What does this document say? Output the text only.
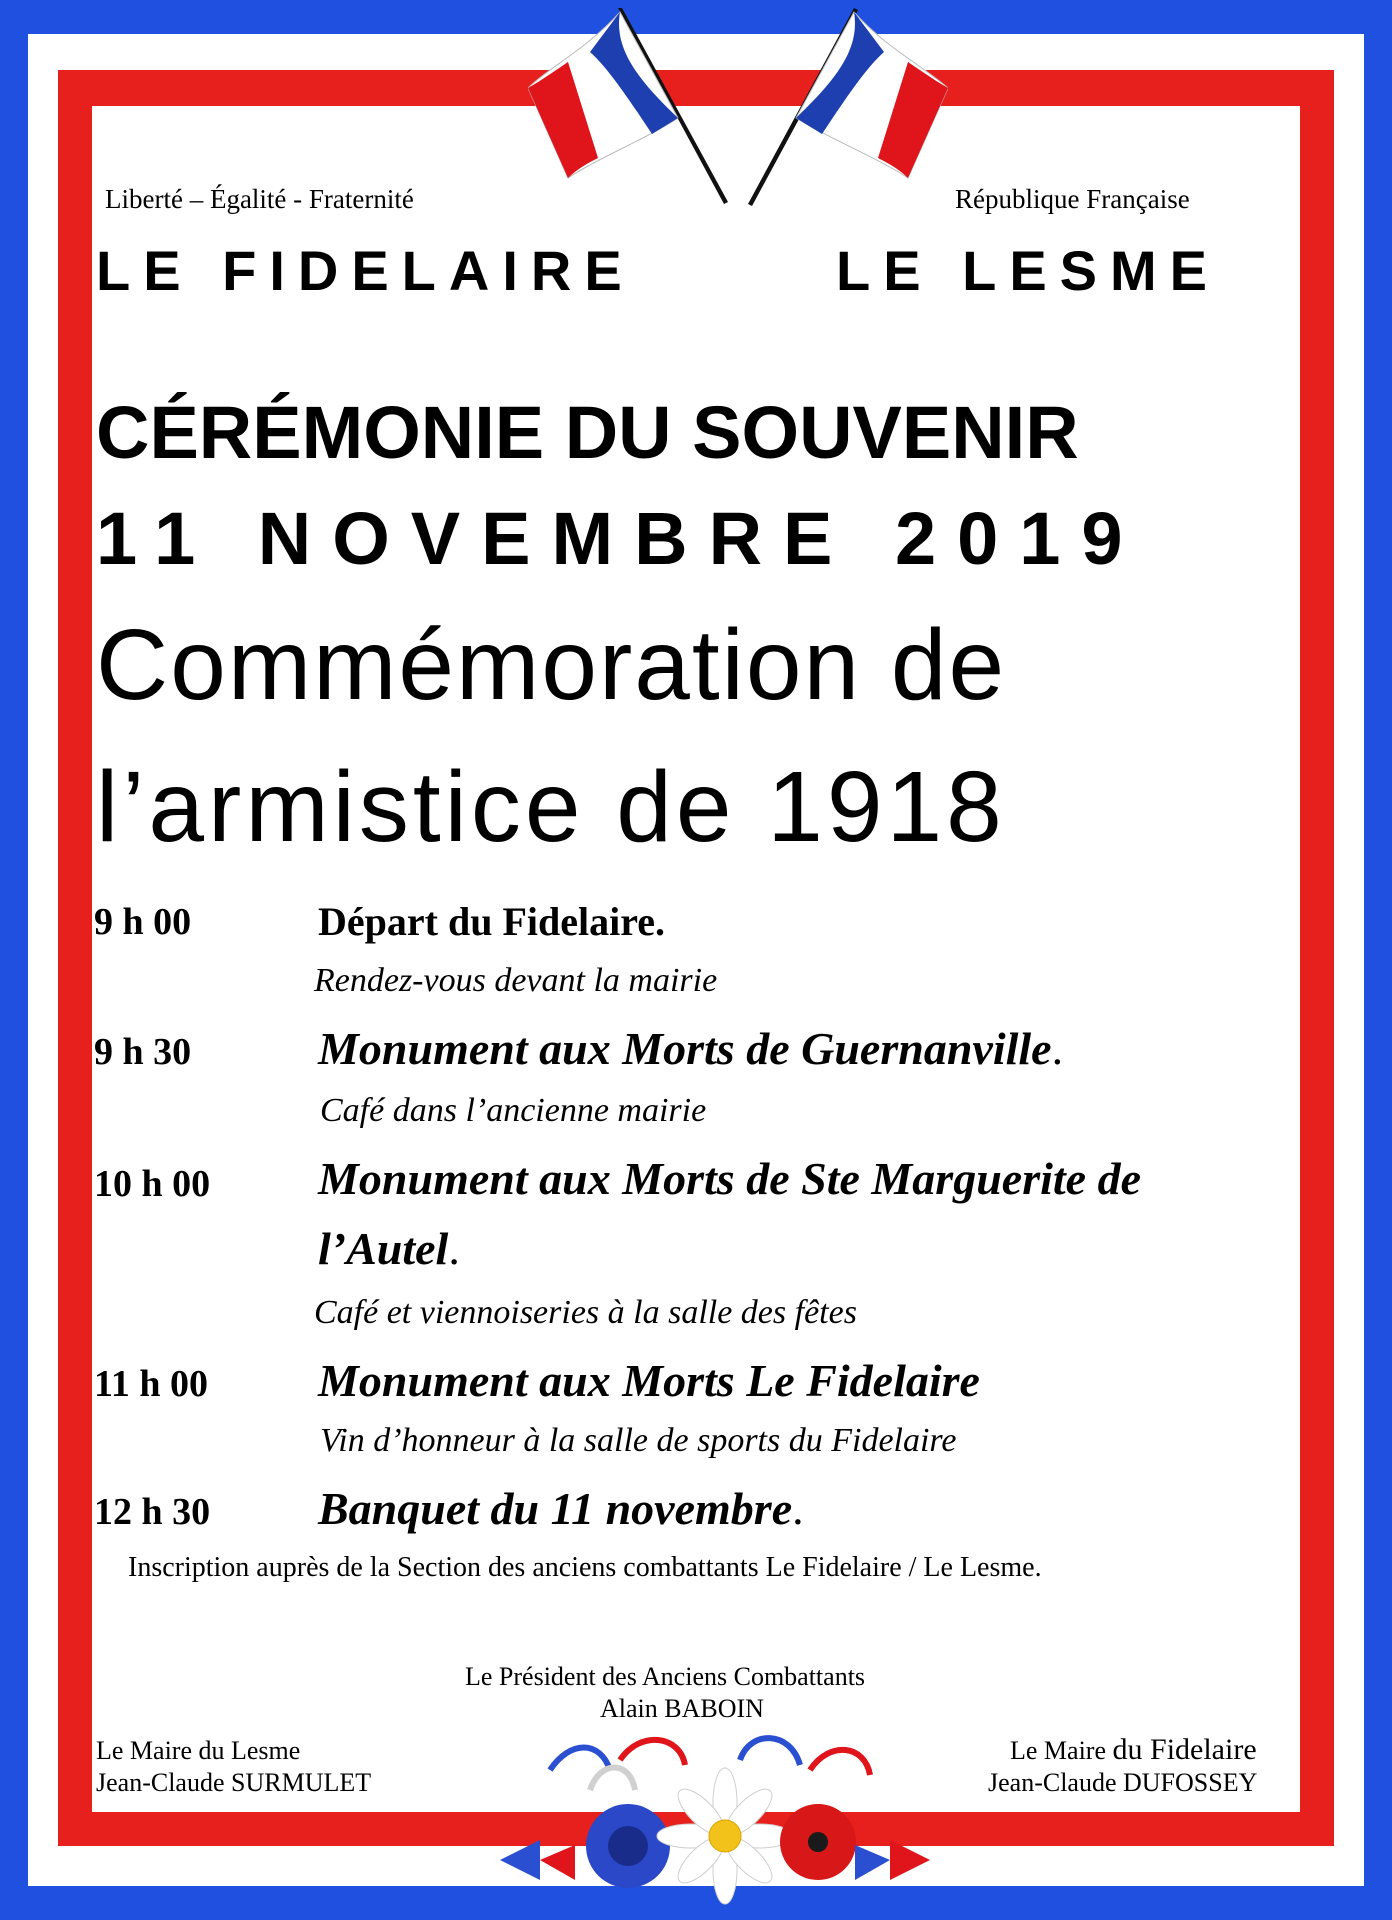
Liberté – Égalité - Fraternité	République Française
LE FIDELAIRE	LE LESME
CÉRÉMONIE DU SOUVENIR
11 NOVEMBRE 2019
Commémoration de
l’armistice de 1918
9 h 00	Départ du Fidelaire.
Rendez-vous devant la mairie
9 h 30	Monument aux Morts de Guernanville.
Café dans l’ancienne mairie
10 h 00 Monument aux Morts de Ste Marguerite de
l’Autel.
Café et viennoiseries à la salle des fêtes
11 h 00 Monument aux Morts Le Fidelaire
Vin d’honneur à la salle de sports du Fidelaire
12 h 30 Banquet du 11 novembre.
Inscription auprès de la Section des anciens combattants Le Fidelaire / Le Lesme.
Le Président des Anciens Combattants
Alain BABOIN
Le Maire du Lesme
Jean-Claude SURMULET
Le Maire du Fidelaire
Jean-Claude DUFOSSEY
